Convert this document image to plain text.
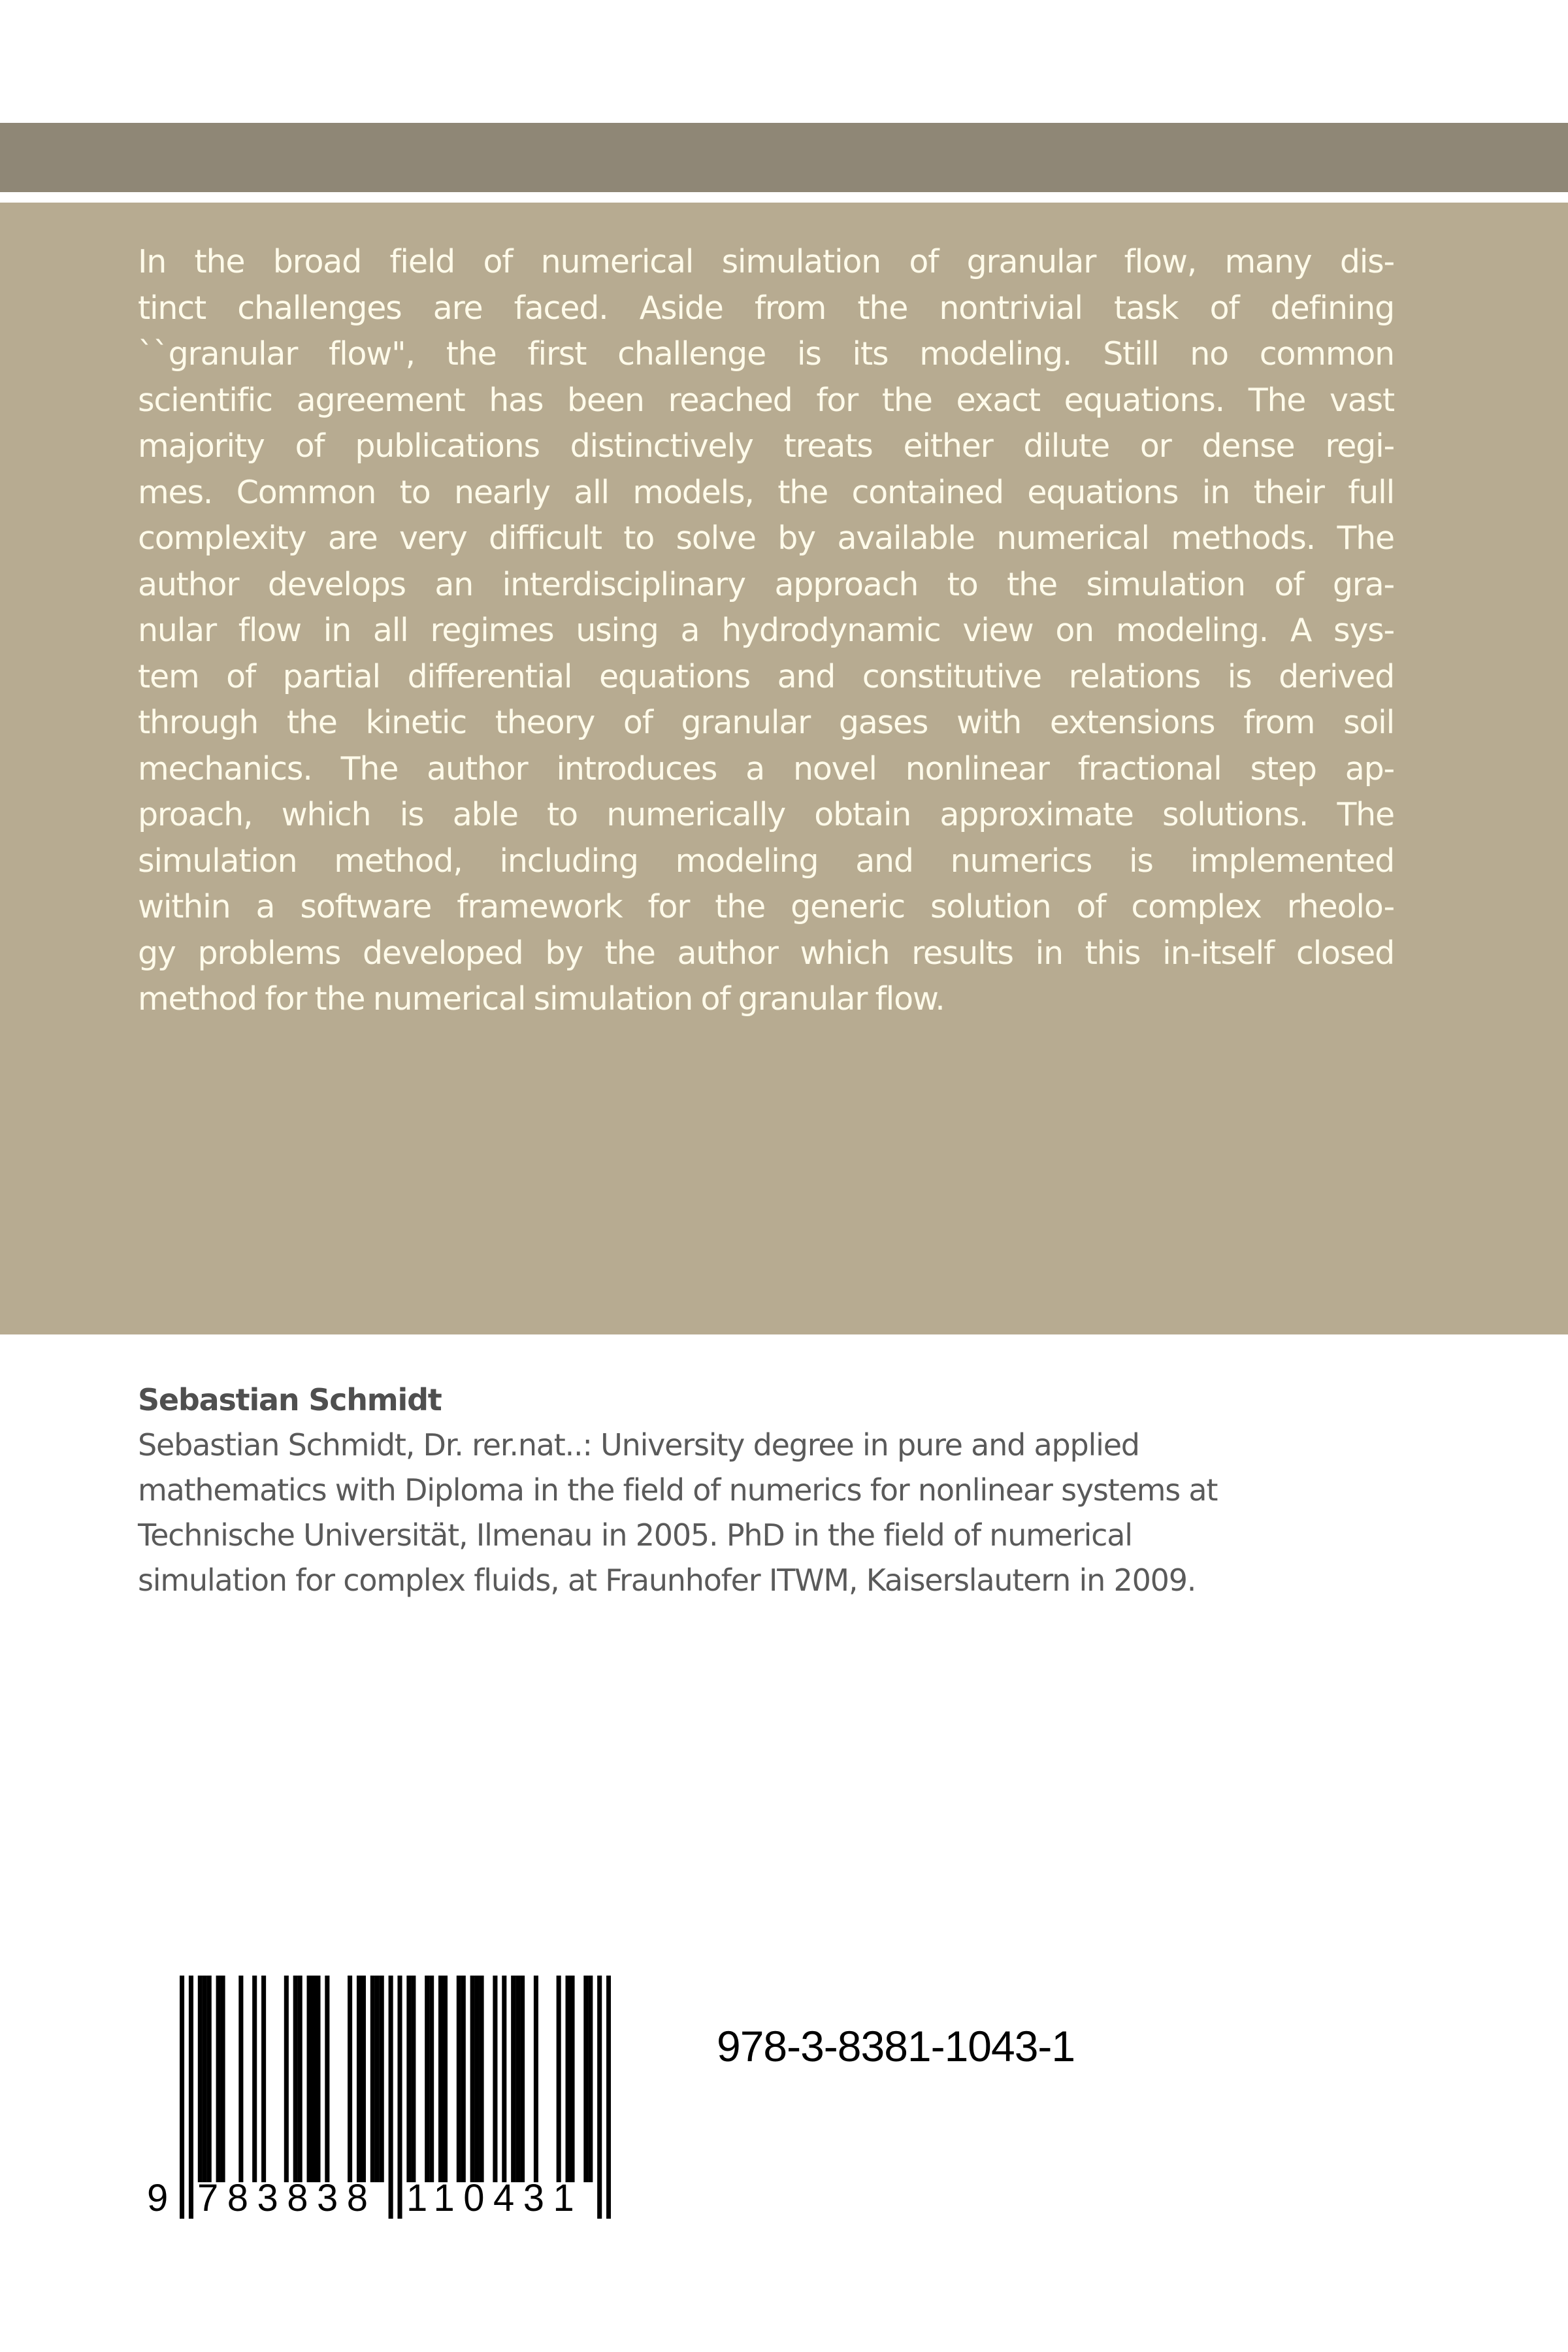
In the broad field of numerical simulation of granular flow, many dis-
tinct challenges are faced. Aside from the nontrivial task of defining
``granular flow", the first challenge is its modeling. Still no common
scientific agreement has been reached for the exact equations. The vast
majority of publications distinctively treats either dilute or dense regi-
mes. Common to nearly all models, the contained equations in their full
complexity are very difficult to solve by available numerical methods. The
author develops an interdisciplinary approach to the simulation of gra-
nular flow in all regimes using a hydrodynamic view on modeling. A sys-
tem of partial differential equations and constitutive relations is derived
through the kinetic theory of granular gases with extensions from soil
mechanics. The author introduces a novel nonlinear fractional step ap-
proach, which is able to numerically obtain approximate solutions. The
simulation method, including modeling and numerics is implemented
within a software framework for the generic solution of complex rheolo-
gy problems developed by the author which results in this in-itself closed
method for the numerical simulation of granular flow.
Sebastian Schmidt
Sebastian Schmidt, Dr. rer.nat..: University degree in pure and applied
mathematics with Diploma in the field of numerics for nonlinear systems at
Technische Universität, Ilmenau in 2005. PhD in the field of numerical
simulation for complex fluids, at Fraunhofer ITWM, Kaiserslautern in 2009.
9 783838 110431
978-3-8381-1043-1
